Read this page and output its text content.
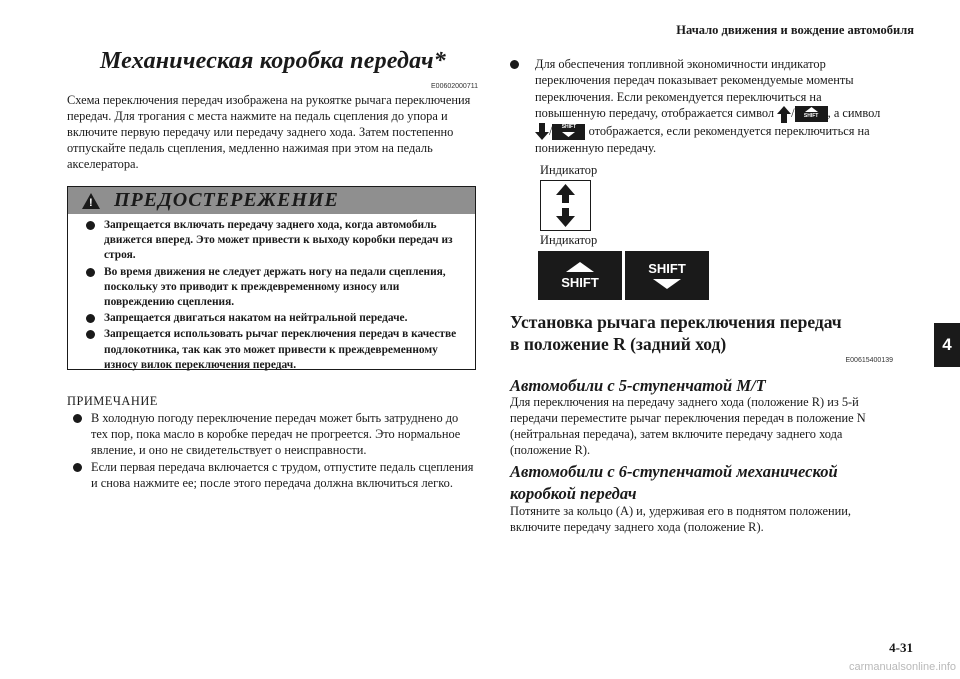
Начало движения и вождение автомобиля
4
4-31
carmanualsonline.info
Механическая коробка передач*
E00602000711

Схема переключения передач изображена на рукоятке рычага переключения передач. Для трогания с места нажмите на педаль сцепления до упора и включите первую передачу или передачу заднего хода. Затем постепенно отпускайте педаль сцепления, медленно нажимая при этом на педаль акселератора.

! ПРЕДОСТЕРЕЖЕНИЕ
Запрещается включать передачу заднего хода, когда автомобиль движется вперед. Это может привести к выходу коробки передач из строя.
Во время движения не следует держать ногу на педали сцепления, поскольку это приводит к преждевременному износу или повреждению сцепления.
Запрещается двигаться накатом на нейтральной передаче.
Запрещается использовать рычаг переключения передач в качестве подлокотника, так как это может привести к преждевременному износу вилок переключения передач.
ПРИМЕЧАНИЕ
В холодную погоду переключение передач может быть затруднено до тех пор, пока масло в коробке передач не прогреется. Это нормальное явление, и оно не свидетельствует о неисправности.
Если первая передача включается с трудом, отпустите педаль сцепления и снова нажмите ее; после этого передача должна включиться легко.
Для обеспечения топливной экономичности индикатор переключения передач показывает рекомендуемые моменты переключения. Если рекомендуется переключиться на повышенную передачу, отображается символ / SHIFT , а символ /	SHIFT отображается, если рекомендуется переключиться на пониженную передачу.
Индикатор
Индикатор
SHIFT
SHIFT
Установка рычага переключения передач
в положение R (задний ход)
E00615400139
Автомобили с 5-ступенчатой М/Т

Для переключения на передачу заднего хода (положение R) из 5-й передачи переместите рычаг переключения передач в положение N (нейтральная передача), затем включите передачу заднего хода (положение R).

Автомобили с 6-ступенчатой механической
коробкой передач

Потяните за кольцо (A) и, удерживая его в поднятом положении, включите передачу заднего хода (положение R).
